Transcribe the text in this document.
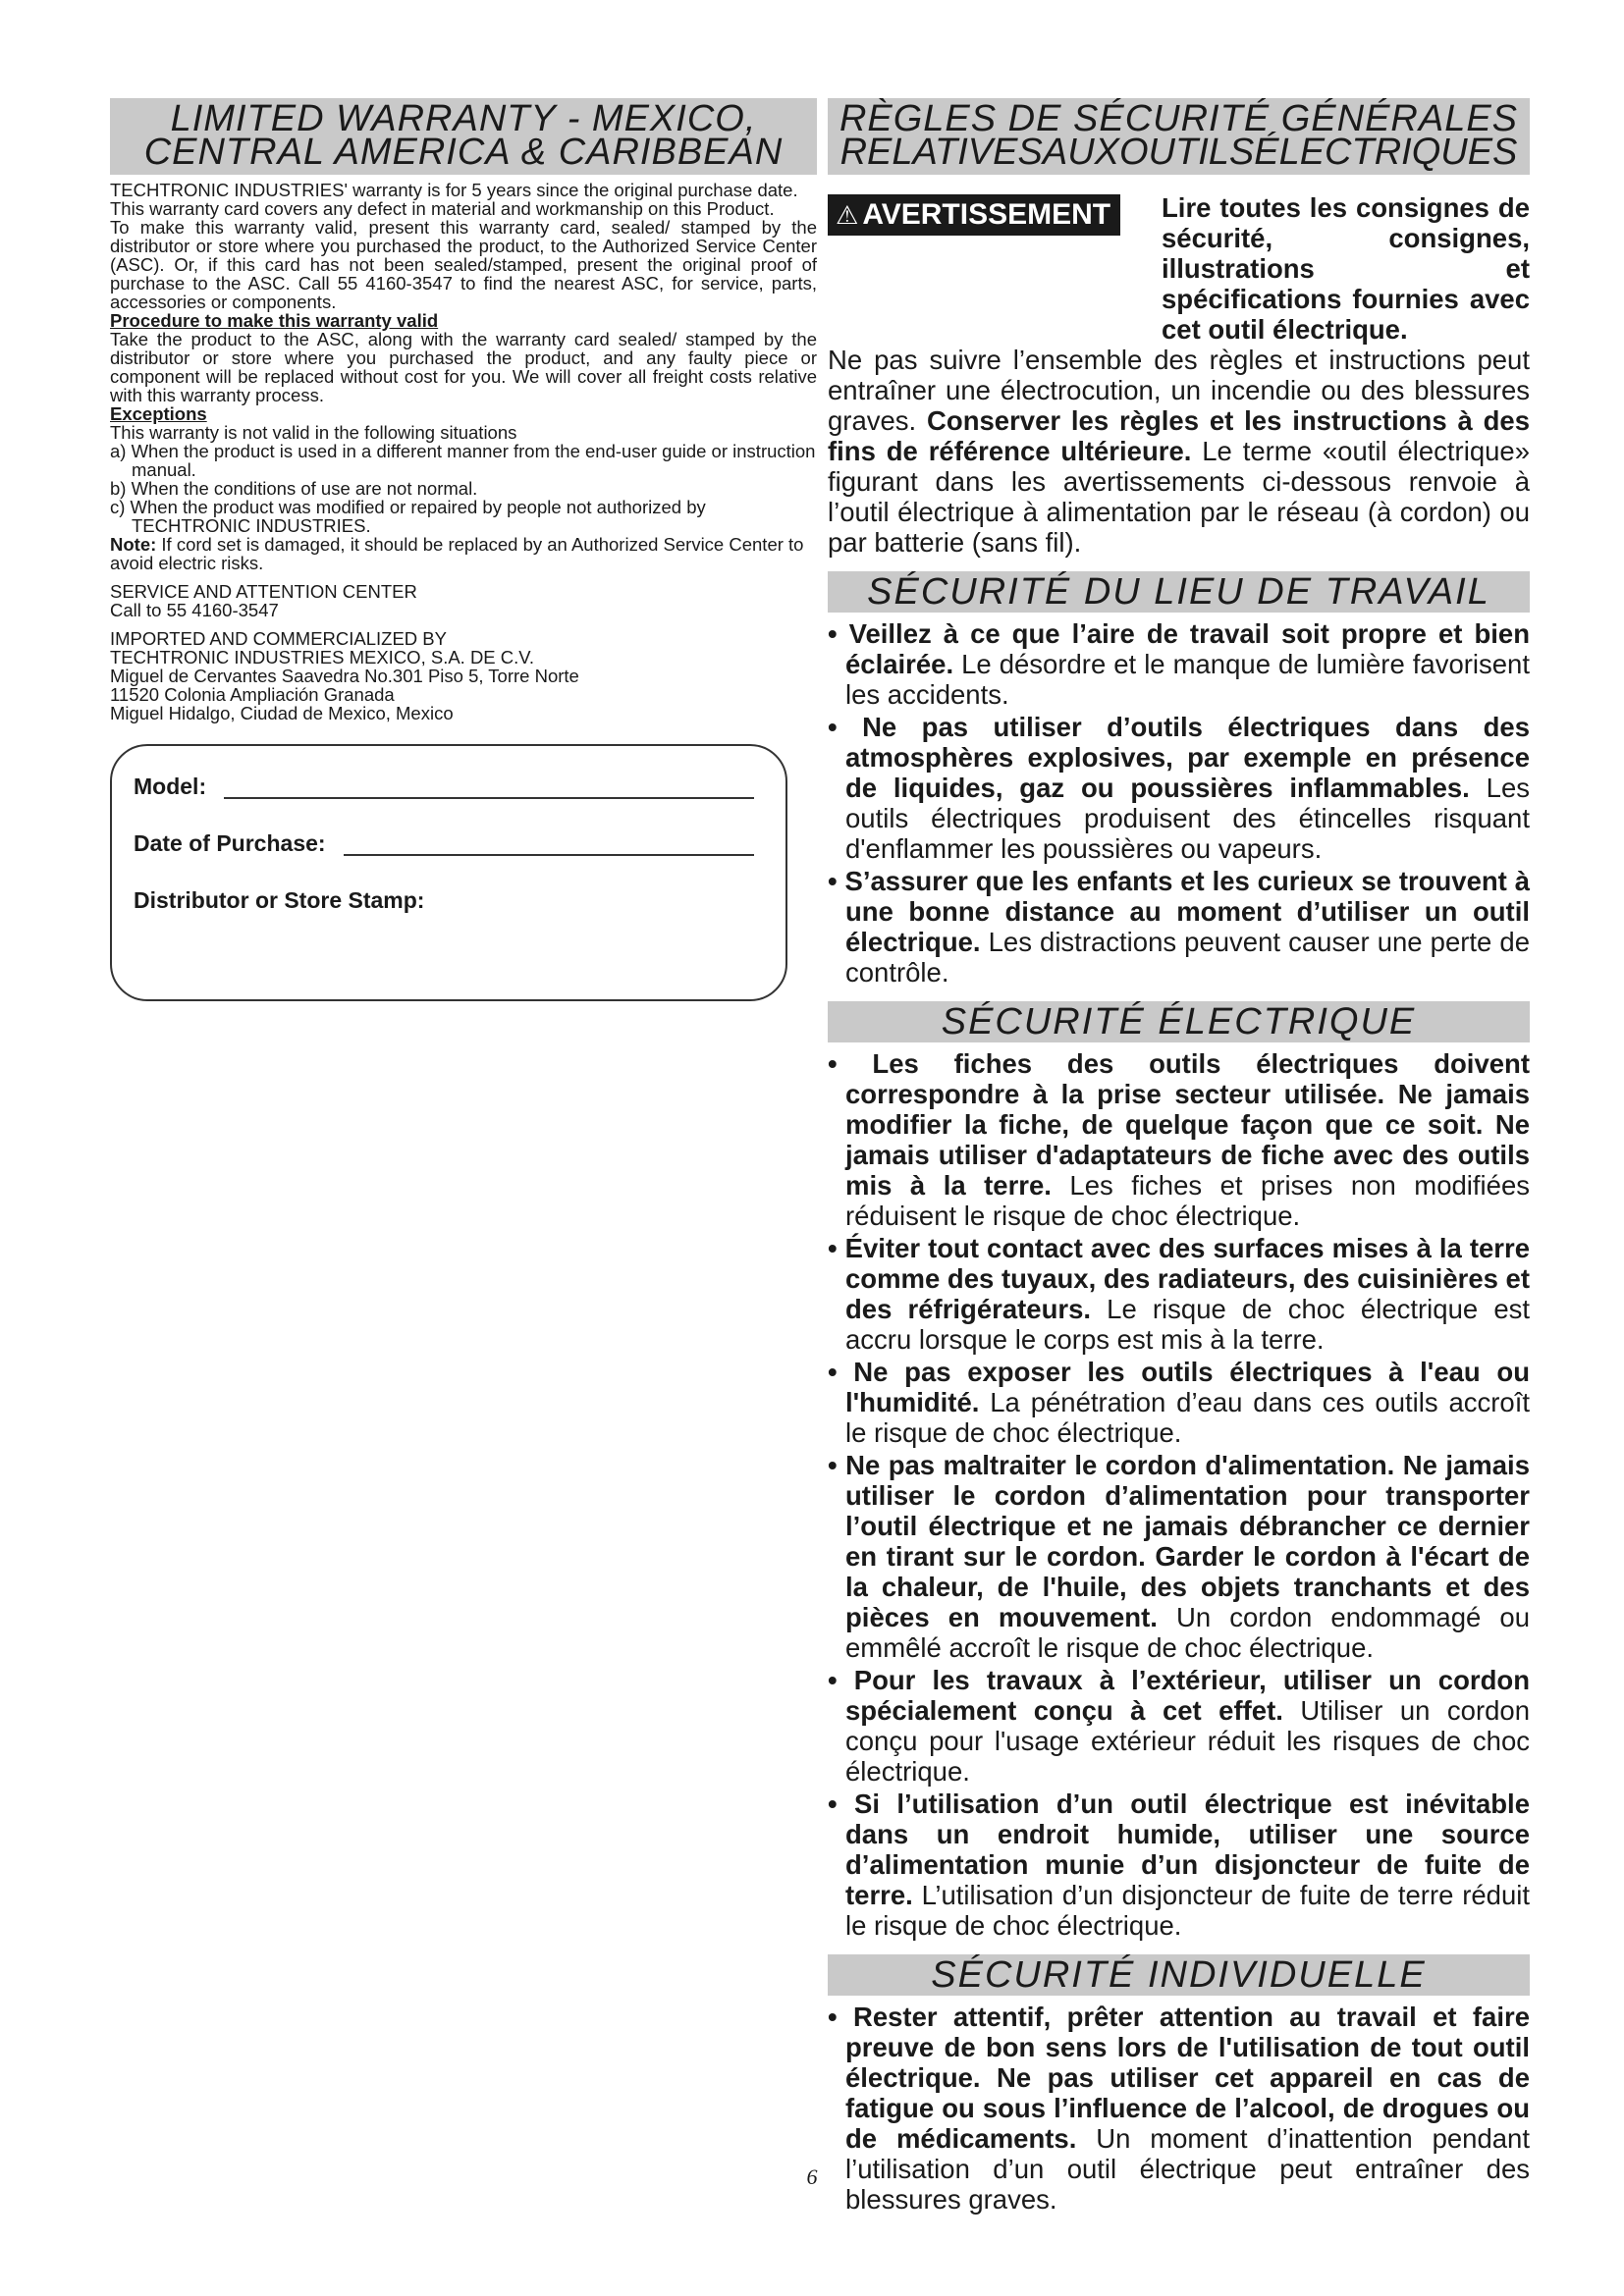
LIMITED WARRANTY - MEXICO,
CENTRAL AMERICA & CARIBBEAN

TECHTRONIC INDUSTRIES' warranty is for 5 years since the original purchase date.

This warranty card covers any defect in material and workmanship on this Product.

To make this warranty valid, present this warranty card, sealed/ stamped by the distributor or store where you purchased the product, to the Authorized Service Center (ASC). Or, if this card has not been sealed/stamped, present the original proof of purchase to the ASC. Call 55 4160-3547 to find the nearest ASC, for service, parts, accessories or components.

Procedure to make this warranty valid

Take the product to the ASC, along with the warranty card sealed/ stamped by the distributor or store where you purchased the product, and any faulty piece or component will be replaced without cost for you. We will cover all freight costs relative with this warranty process.

Exceptions

This warranty is not valid in the following situations

a) When the product is used in a different manner from the end-user guide or instruction manual.

b) When the conditions of use are not normal.

c) When the product was modified or repaired by people not authorized by TECHTRONIC INDUSTRIES.

Note: If cord set is damaged, it should be replaced by an Authorized Service Center to avoid electric risks.

SERVICE AND ATTENTION CENTER

Call to 55 4160-3547

IMPORTED AND COMMERCIALIZED BY

TECHTRONIC INDUSTRIES MEXICO, S.A. DE C.V.

Miguel de Cervantes Saavedra No.301 Piso 5, Torre Norte

11520 Colonia Ampliación Granada

Miguel Hidalgo, Ciudad de Mexico, Mexico

Model:
Date of Purchase:
Distributor or Store Stamp:
RÈGLES DE SÉCURITÉ GÉNÉRALES
RELATIVESAUXOUTILSÉLECTRIQUES
⚠ AVERTISSEMENT	Lire toutes les consignes de sécurité, consignes, illustrations et spécifications fournies avec cet outil électrique.

Ne pas suivre l’ensemble des règles et instructions peut entraîner une électrocution, un incendie ou des blessures graves. Conserver les règles et les instructions à des fins de référence ultérieure. Le terme «outil électrique» figurant dans les avertissements ci-dessous renvoie à l’outil électrique à alimentation par le réseau (à cordon) ou par batterie (sans fil).

SÉCURITÉ DU LIEU DE TRAVAIL

• Veillez à ce que l’aire de travail soit propre et bien éclairée. Le désordre et le manque de lumière favorisent les accidents.

• Ne pas utiliser d’outils électriques dans des atmosphères explosives, par exemple en présence de liquides, gaz ou poussières inflammables. Les outils électriques produisent des étincelles risquant d'enflammer les poussières ou vapeurs.

• S’assurer que les enfants et les curieux se trouvent à une bonne distance au moment d’utiliser un outil électrique. Les distractions peuvent causer une perte de contrôle.

SÉCURITÉ ÉLECTRIQUE

• Les fiches des outils électriques doivent correspondre à la prise secteur utilisée. Ne jamais modifier la fiche, de quelque façon que ce soit. Ne jamais utiliser d'adaptateurs de fiche avec des outils mis à la terre. Les fiches et prises non modifiées réduisent le risque de choc électrique.

• Éviter tout contact avec des surfaces mises à la terre comme des tuyaux, des radiateurs, des cuisinières et des réfrigérateurs. Le risque de choc électrique est accru lorsque le corps est mis à la terre.

• Ne pas exposer les outils électriques à l'eau ou l'humidité. La pénétration d’eau dans ces outils accroît le risque de choc électrique.

• Ne pas maltraiter le cordon d'alimentation. Ne jamais utiliser le cordon d’alimentation pour transporter l’outil électrique et ne jamais débrancher ce dernier en tirant sur le cordon. Garder le cordon à l'écart de la chaleur, de l'huile, des objets tranchants et des pièces en mouvement. Un cordon endommagé ou emmêlé accroît le risque de choc électrique.

• Pour les travaux à l’extérieur, utiliser un cordon spécialement conçu à cet effet. Utiliser un cordon conçu pour l'usage extérieur réduit les risques de choc électrique.

• Si l’utilisation d’un outil électrique est inévitable dans un endroit humide, utiliser une source d’alimentation munie d’un disjoncteur de fuite de terre. L’utilisation d’un disjoncteur de fuite de terre réduit le risque de choc électrique.

SÉCURITÉ INDIVIDUELLE

• Rester attentif, prêter attention au travail et faire preuve de bon sens lors de l'utilisation de tout outil électrique. Ne pas utiliser cet appareil en cas de fatigue ou sous l’influence de l’alcool, de drogues ou de médicaments. Un moment d’inattention pendant l’utilisation d’un outil électrique peut entraîner des blessures graves.

6
